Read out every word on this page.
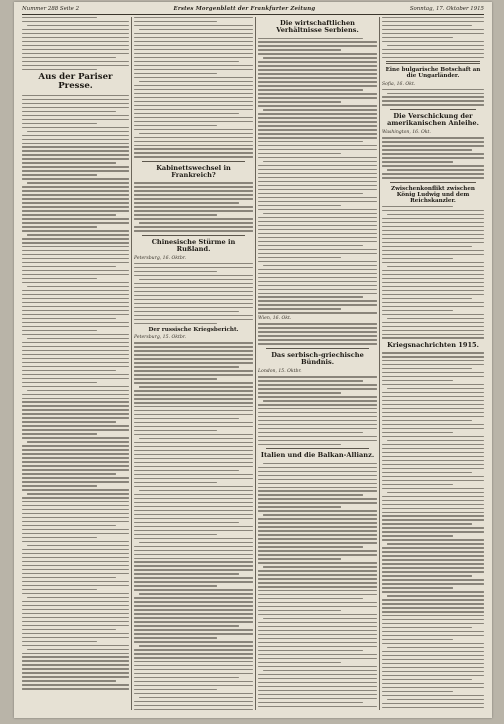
Nummer 288 Seite 2	Erstes Morgenblatt der Frankfurter Zeitung	Sonntag, 17. Oktober 1915
Aus der Pariser Presse.
Kabinettswechsel in Frankreich?
Chinesische Stürme in Rußland.
Petersburg, 16. Oktbr.
Der russische Kriegsbericht.
Petersburg, 15. Oktbr.
Die wirtschaftlichen Verhältnisse Serbiens.
Wien, 16. Okt.
Das serbisch-griechische Bündnis.
London, 15. Oktbr.
Italien und die Balkan-Allianz.
Eine bulgarische Botschaft an die Ungarländer.
Sofia, 16. Okt.
Die Verschickung der amerikanischen Anleihe.
Washington, 16. Okt.
Zwischenkonflikt zwischen König Ludwig und dem Reichskanzler.
Kriegsnachrichten 1915.
